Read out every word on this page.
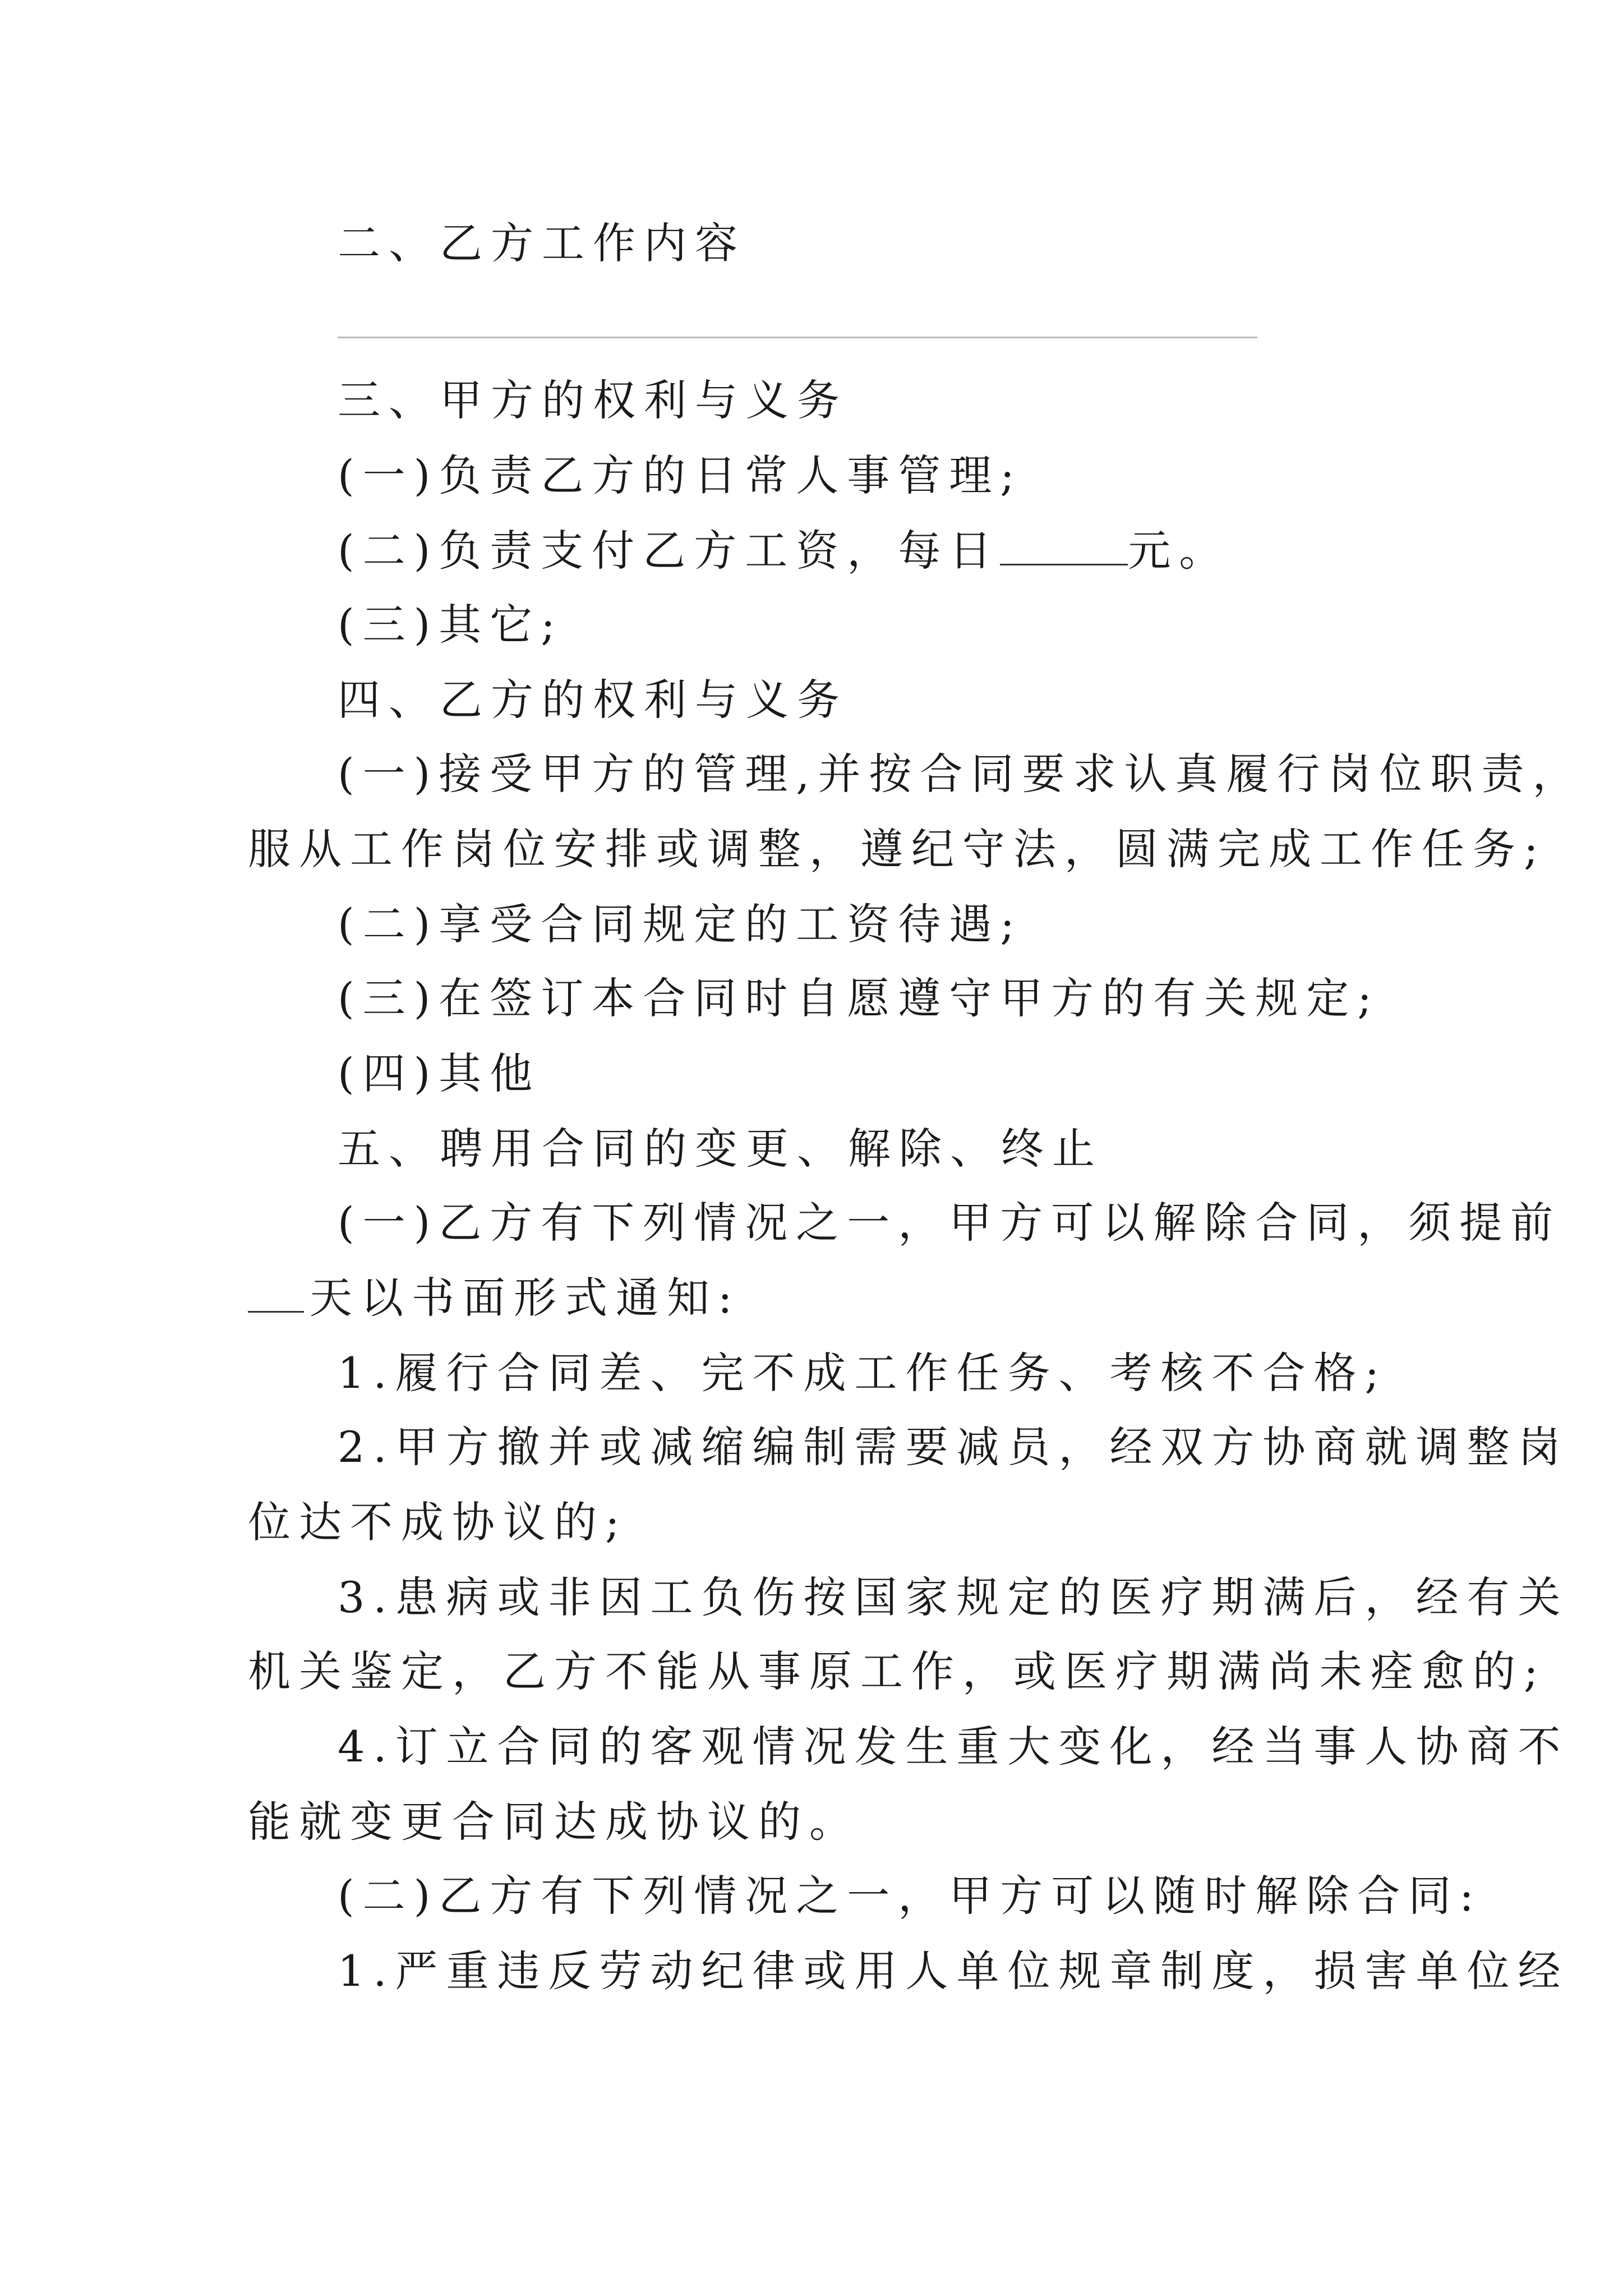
二、乙方工作内容
三、甲方的权利与义务
(一)负责乙方的日常人事管理;
(二)负责支付乙方工资，每日	元。
(三)其它;
四、乙方的权利与义务
(一)接受甲方的管理,并按合同要求认真履行岗位职责，
服从工作岗位安排或调整，遵纪守法，圆满完成工作任务;
(二)享受合同规定的工资待遇;
(三)在签订本合同时自愿遵守甲方的有关规定;
(四)其他
五、聘用合同的变更、解除、终止
(一)乙方有下列情况之一，甲方可以解除合同，须提前
天以书面形式通知:
1.履行合同差、完不成工作任务、考核不合格;
2.甲方撤并或减缩编制需要减员，经双方协商就调整岗
位达不成协议的;
3.患病或非因工负伤按国家规定的医疗期满后，经有关
机关鉴定，乙方不能从事原工作，或医疗期满尚未痊愈的;
4.订立合同的客观情况发生重大变化，经当事人协商不
能就变更合同达成协议的。
(二)乙方有下列情况之一，甲方可以随时解除合同:
1.严重违反劳动纪律或用人单位规章制度，损害单位经
